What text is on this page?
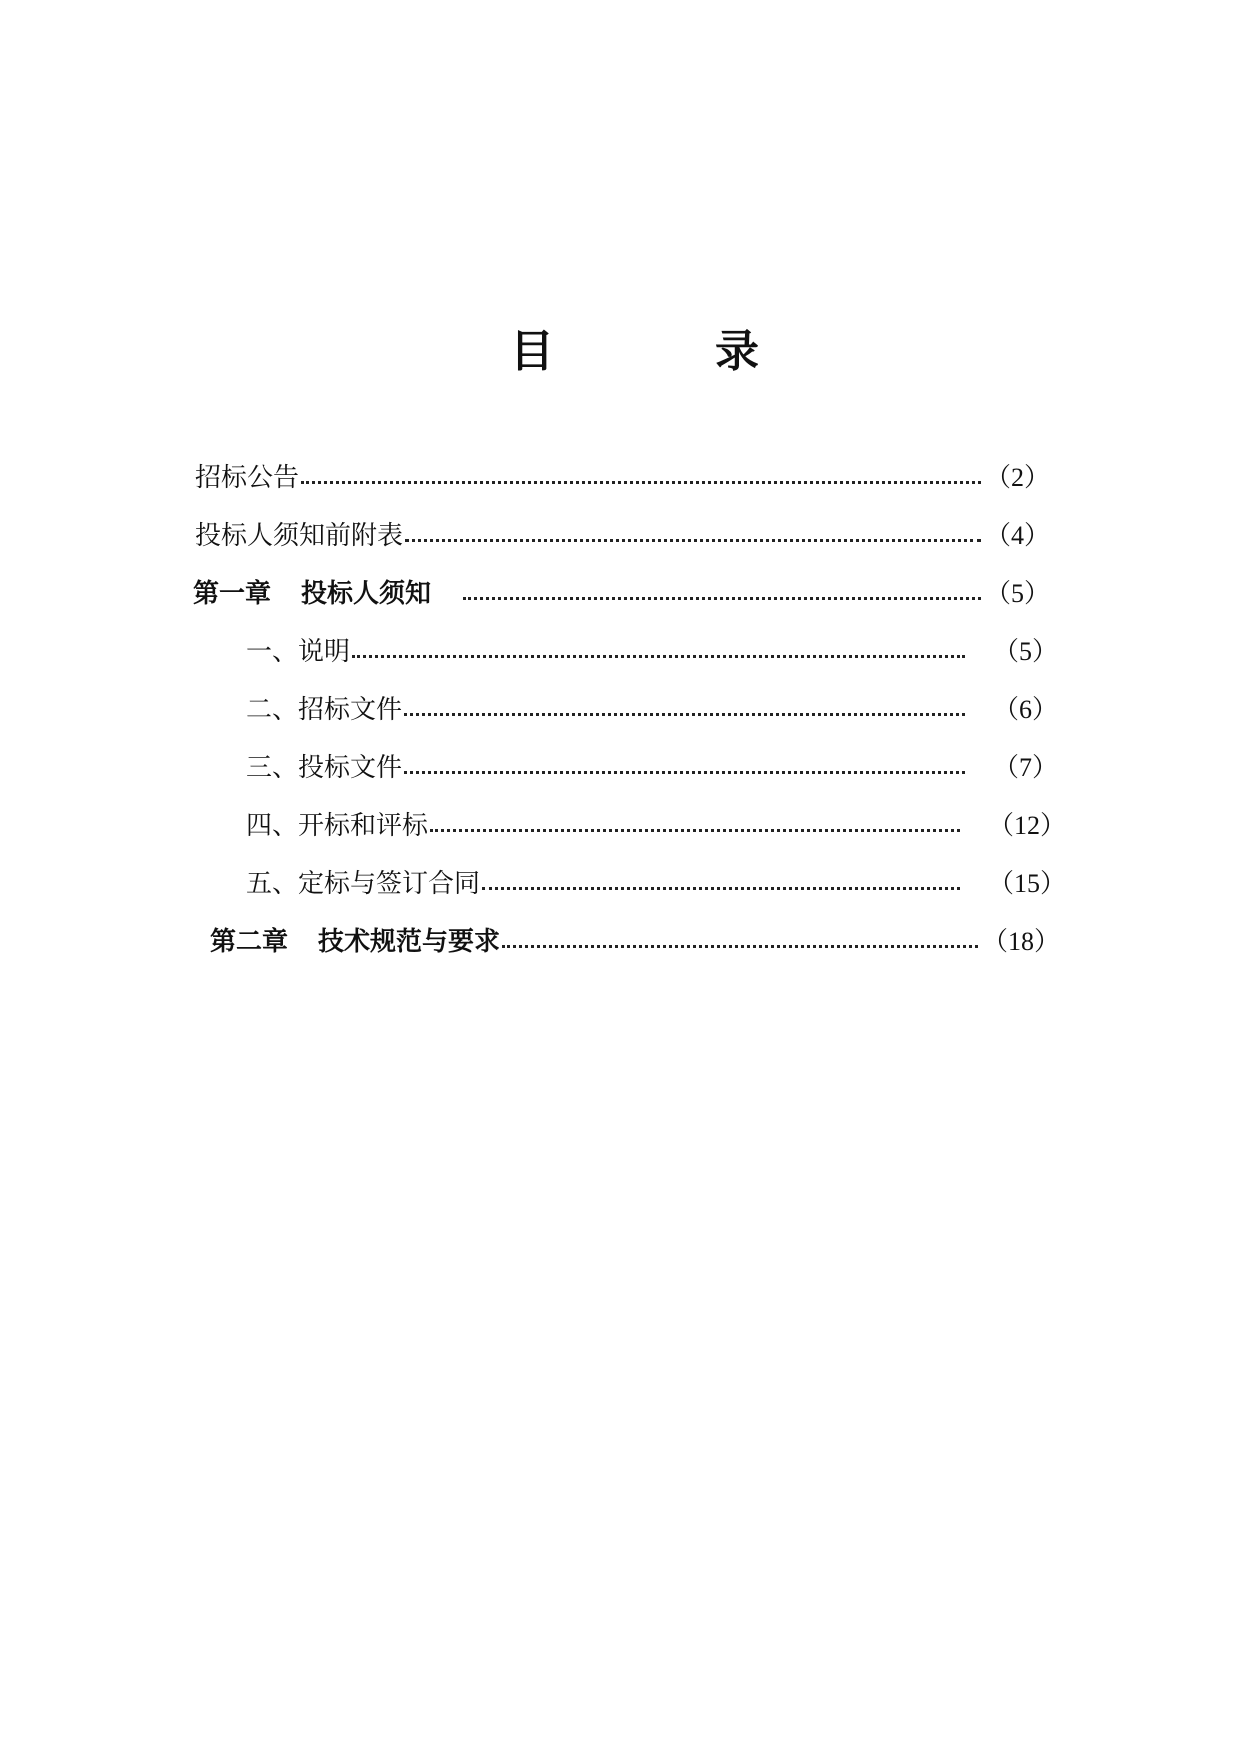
目	录
招标公告	（2）
投标人须知前附表	（4）
第一章 投标人须知	（5）
一、说明	（5）
二、招标文件	（6）
三、投标文件	（7）
四、开标和评标	（12）
五、定标与签订合同	（15）
第二章 技术规范与要求	（18）
